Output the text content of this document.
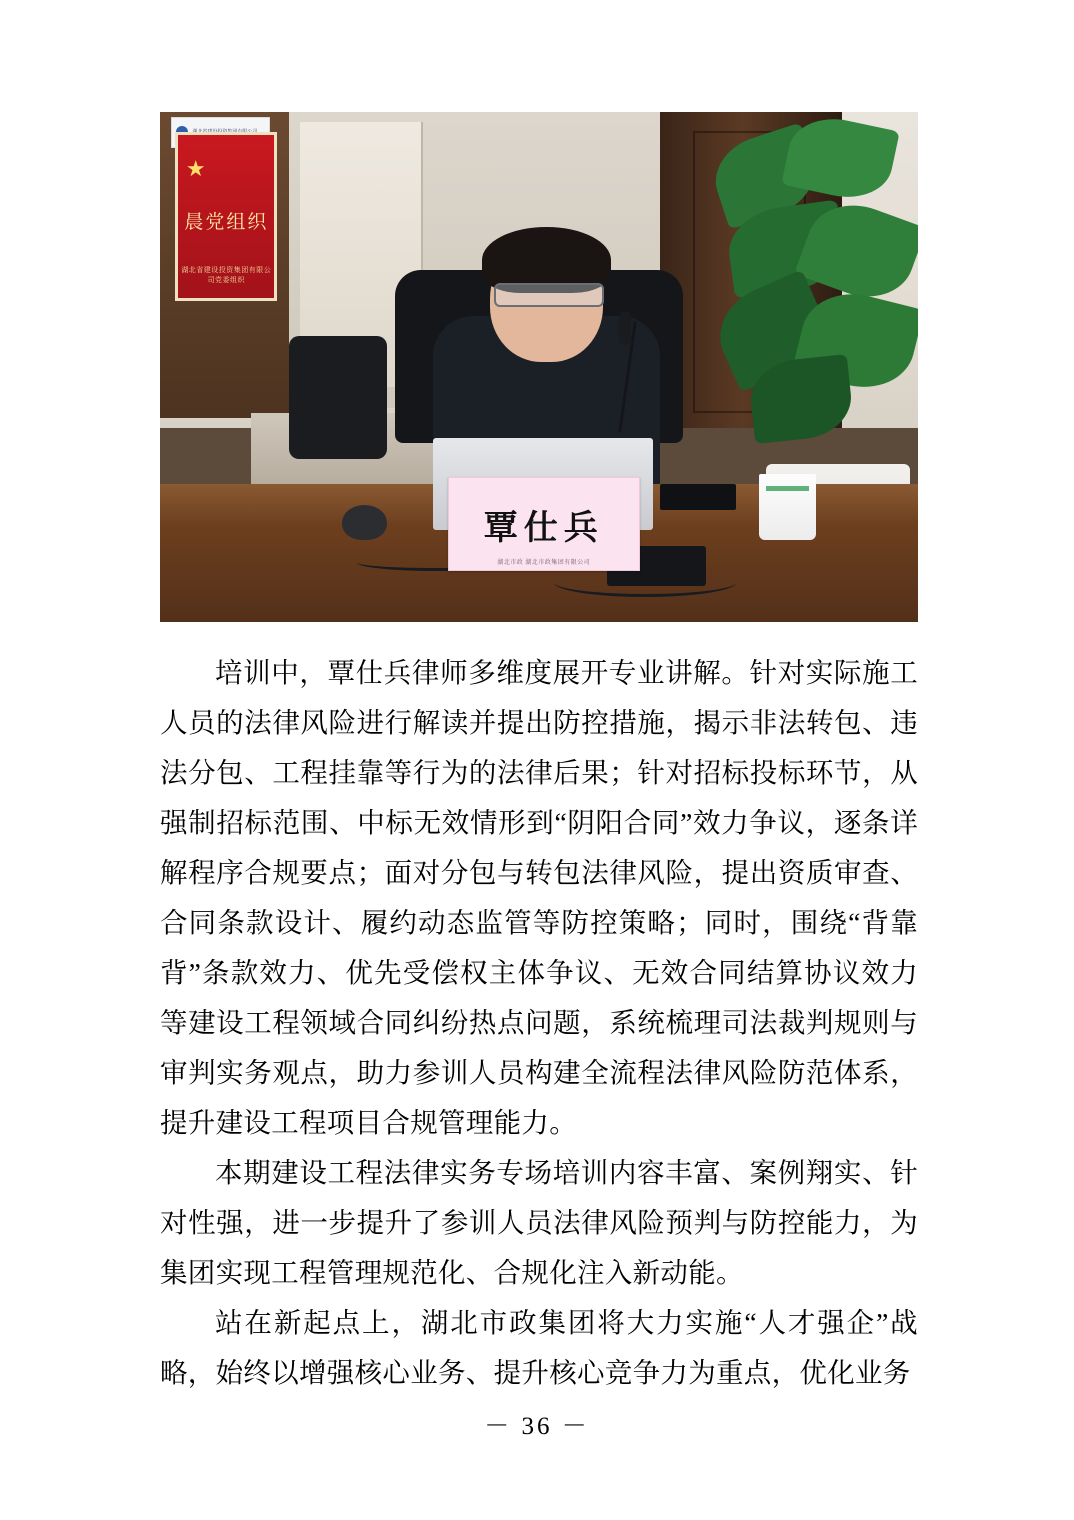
★
晨党组织
湖北省建设投资集团有限公司党委组织
覃仕兵
湖北市政 湖北市政集团有限公司

培训中，覃仕兵律师多维度展开专业讲解。针对实际施工人员的法律风险进行解读并提出防控措施，揭示非法转包、违法分包、工程挂靠等行为的法律后果；针对招标投标环节，从强制招标范围、中标无效情形到“阴阳合同”效力争议，逐条详解程序合规要点；面对分包与转包法律风险，提出资质审查、合同条款设计、履约动态监管等防控策略；同时，围绕“背靠背”条款效力、优先受偿权主体争议、无效合同结算协议效力等建设工程领域合同纠纷热点问题，系统梳理司法裁判规则与审判实务观点，助力参训人员构建全流程法律风险防范体系，提升建设工程项目合规管理能力。

本期建设工程法律实务专场培训内容丰富、案例翔实、针对性强，进一步提升了参训人员法律风险预判与防控能力，为集团实现工程管理规范化、合规化注入新动能。

站在新起点上，湖北市政集团将大力实施“人才强企”战略，始终以增强核心业务、提升核心竞争力为重点，优化业务

－ 36 －
